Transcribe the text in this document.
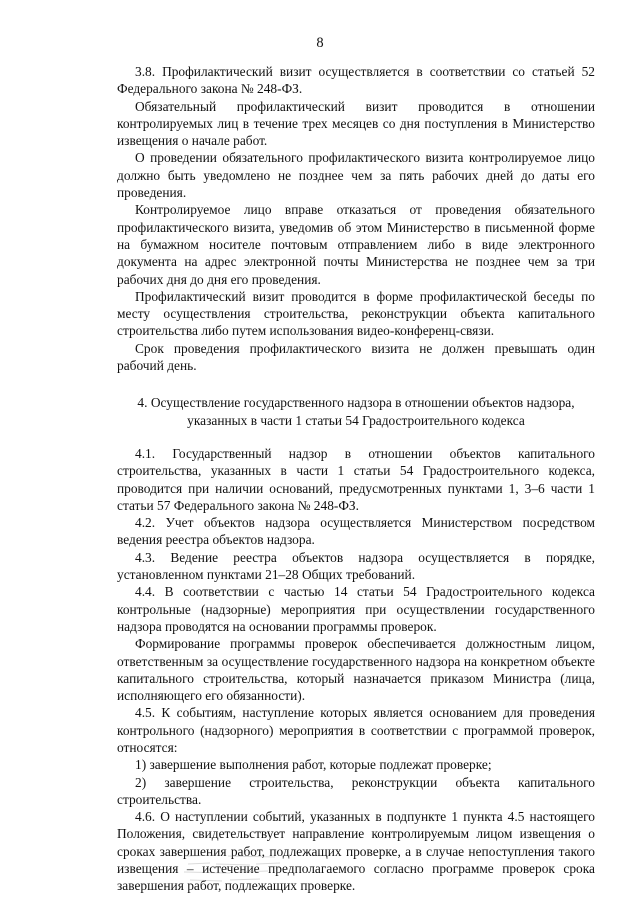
8

3.8. Профилактический визит осуществляется в соответствии со статьей 52 Федерального закона № 248-ФЗ.

Обязательный профилактический визит проводится в отношении контролируемых лиц в течение трех месяцев со дня поступления в Министерство извещения о начале работ.

О проведении обязательного профилактического визита контролируемое лицо должно быть уведомлено не позднее чем за пять рабочих дней до даты его проведения.

Контролируемое лицо вправе отказаться от проведения обязательного профилактического визита, уведомив об этом Министерство в письменной форме на бумажном носителе почтовым отправлением либо в виде электронного документа на адрес электронной почты Министерства не позднее чем за три рабочих дня до дня его проведения.

Профилактический визит проводится в форме профилактической беседы по месту осуществления строительства, реконструкции объекта капитального строительства либо путем использования видео-конференц-связи.

Срок проведения профилактического визита не должен превышать один рабочий день.

4. Осуществление государственного надзора в отношении объектов надзора, указанных в части 1 статьи 54 Градостроительного кодекса

4.1. Государственный надзор в отношении объектов капитального строительства, указанных в части 1 статьи 54 Градостроительного кодекса, проводится при наличии оснований, предусмотренных пунктами 1, 3–6 части 1 статьи 57 Федерального закона № 248-ФЗ.

4.2. Учет объектов надзора осуществляется Министерством посредством ведения реестра объектов надзора.

4.3. Ведение реестра объектов надзора осуществляется в порядке, установленном пунктами 21–28 Общих требований.

4.4. В соответствии с частью 14 статьи 54 Градостроительного кодекса контрольные (надзорные) мероприятия при осуществлении государственного надзора проводятся на основании программы проверок.

Формирование программы проверок обеспечивается должностным лицом, ответственным за осуществление государственного надзора на конкретном объекте капитального строительства, который назначается приказом Министра (лица, исполняющего его обязанности).

4.5. К событиям, наступление которых является основанием для проведения контрольного (надзорного) мероприятия в соответствии с программой проверок, относятся:

1) завершение выполнения работ, которые подлежат проверке;

2) завершение строительства, реконструкции объекта капитального строительства.

4.6. О наступлении событий, указанных в подпункте 1 пункта 4.5 настоящего Положения, свидетельствует направление контролируемым лицом извещения о сроках завершения работ, подлежащих проверке, а в случае непоступления такого извещения – истечение предполагаемого согласно программе проверок срока завершения работ, подлежащих проверке.
